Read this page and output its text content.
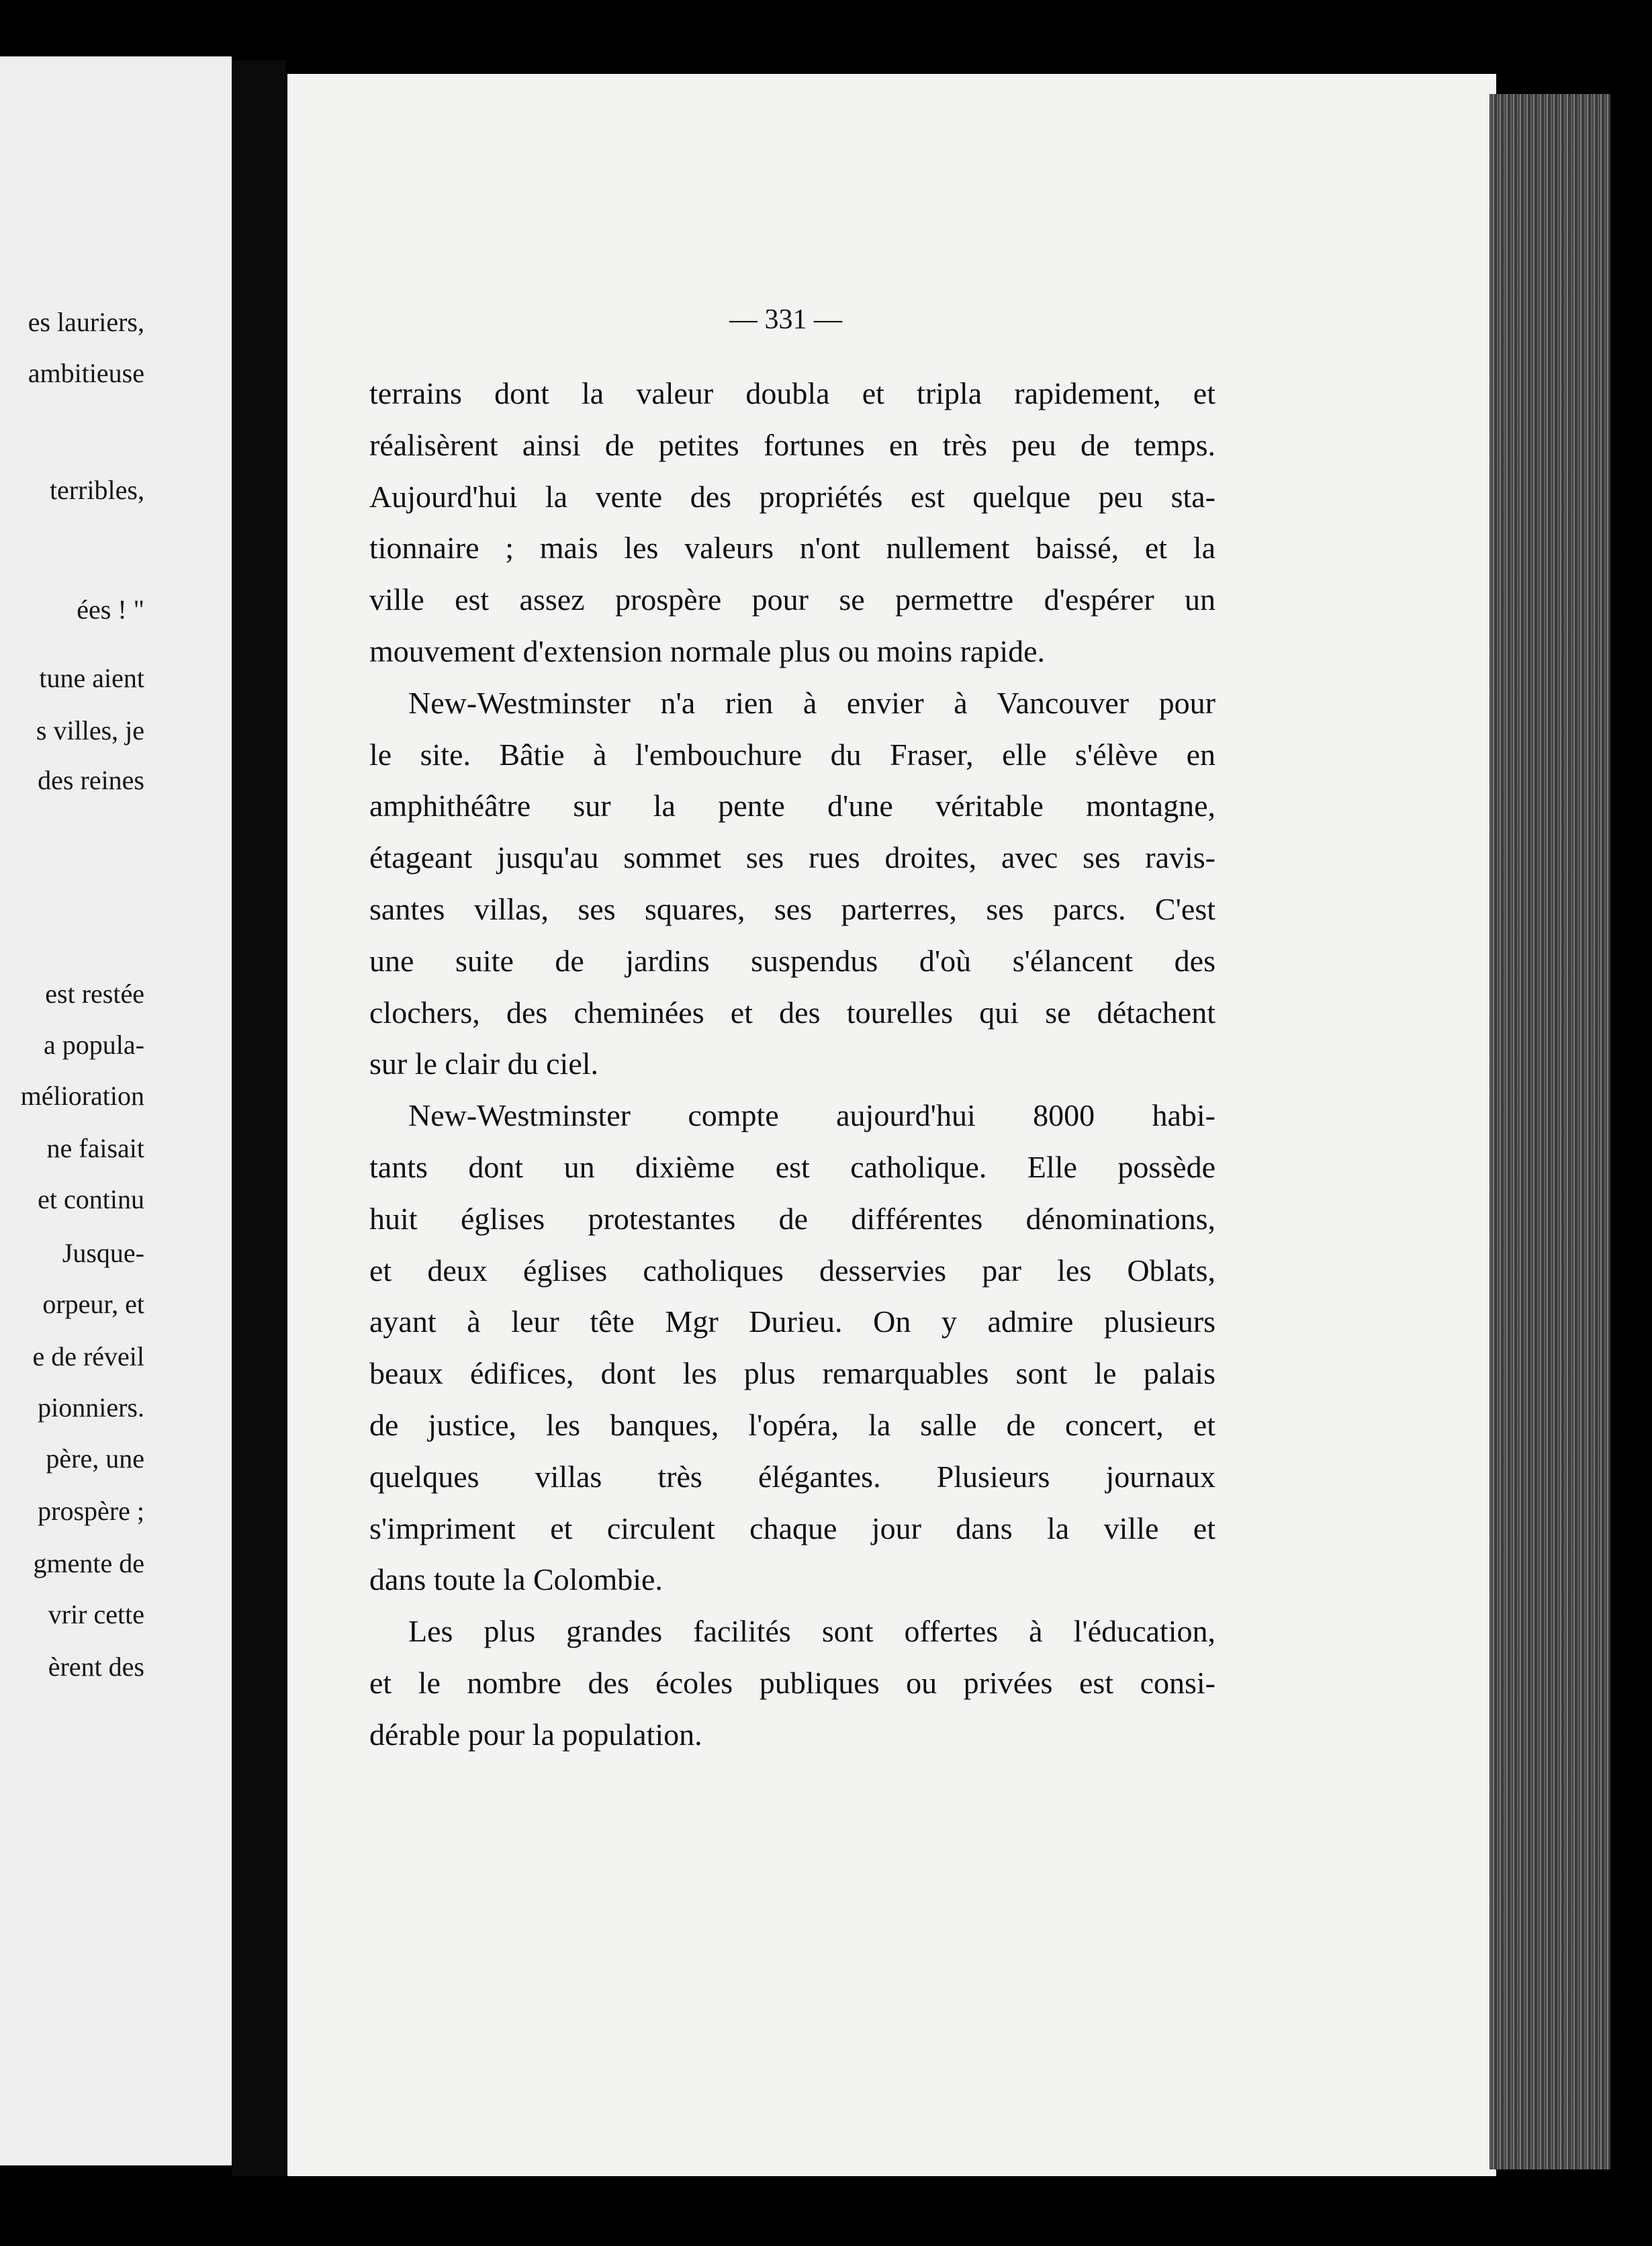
es lauriers,
ambitieuse
terribles,
ées ! "
tune aient
s villes, je
des reines
est restée
a popula-
mélioration
ne faisait
et continu
Jusque-
orpeur, et
e de réveil
pionniers.
père, une
prospère ;
gmente de
vrir cette
èrent des
— 331 —
terrains dont la valeur doubla et tripla rapidement, et
réalisèrent ainsi de petites fortunes en très peu de temps.
Aujourd'hui la vente des propriétés est quelque peu sta-
tionnaire ; mais les valeurs n'ont nullement baissé, et la
ville est assez prospère pour se permettre d'espérer un
mouvement d'extension normale plus ou moins rapide.
New-Westminster n'a rien à envier à Vancouver pour
le site. Bâtie à l'embouchure du Fraser, elle s'élève en
amphithéâtre sur la pente d'une véritable montagne,
étageant jusqu'au sommet ses rues droites, avec ses ravis-
santes villas, ses squares, ses parterres, ses parcs. C'est
une suite de jardins suspendus d'où s'élancent des
clochers, des cheminées et des tourelles qui se détachent
sur le clair du ciel.
New-Westminster compte aujourd'hui 8000 habi-
tants dont un dixième est catholique. Elle possède
huit églises protestantes de différentes dénominations,
et deux églises catholiques desservies par les Oblats,
ayant à leur tête Mgr Durieu. On y admire plusieurs
beaux édifices, dont les plus remarquables sont le palais
de justice, les banques, l'opéra, la salle de concert, et
quelques villas très élégantes. Plusieurs journaux
s'impriment et circulent chaque jour dans la ville et
dans toute la Colombie.
Les plus grandes facilités sont offertes à l'éducation,
et le nombre des écoles publiques ou privées est consi-
dérable pour la population.
